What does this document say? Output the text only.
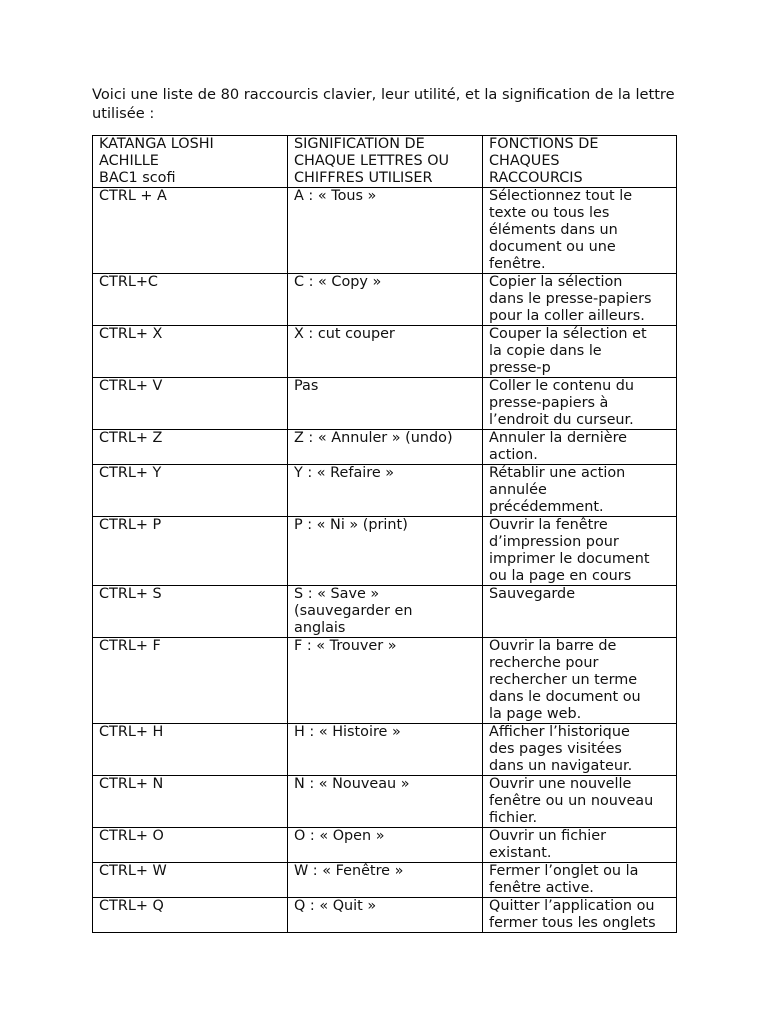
Voici une liste de 80 raccourcis clavier, leur utilité, et la signification de la lettre utilisée :

KATANGA LOSHI
ACHILLE
BAC1 scofi	SIGNIFICATION DE
CHAQUE LETTRES OU
CHIFFRES UTILISER	FONCTIONS DE
CHAQUES
RACCOURCIS
CTRL + A	A : « Tous »	Sélectionnez tout le
texte ou tous les
éléments dans un
document ou une
fenêtre.
CTRL+C	C : « Copy »	Copier la sélection
dans le presse-papiers
pour la coller ailleurs.
CTRL+ X	X : cut couper	Couper la sélection et
la copie dans le
presse-p
CTRL+ V	Pas	Coller le contenu du
presse-papiers à
l’endroit du curseur.
CTRL+ Z	Z : « Annuler » (undo)	Annuler la dernière
action.
CTRL+ Y	Y : « Refaire »	Rétablir une action
annulée
précédemment.
CTRL+ P	P : « Ni » (print)	Ouvrir la fenêtre
d’impression pour
imprimer le document
ou la page en cours
CTRL+ S	S : « Save »
(sauvegarder en
anglais	Sauvegarde
CTRL+ F	F : « Trouver »	Ouvrir la barre de
recherche pour
rechercher un terme
dans le document ou
la page web.
CTRL+ H	H : « Histoire »	Afficher l’historique
des pages visitées
dans un navigateur.
CTRL+ N	N : « Nouveau »	Ouvrir une nouvelle
fenêtre ou un nouveau
fichier.
CTRL+ O	O : « Open »	Ouvrir un fichier
existant.
CTRL+ W	W : « Fenêtre »	Fermer l’onglet ou la
fenêtre active.
CTRL+ Q	Q : « Quit »	Quitter l’application ou
fermer tous les onglets
